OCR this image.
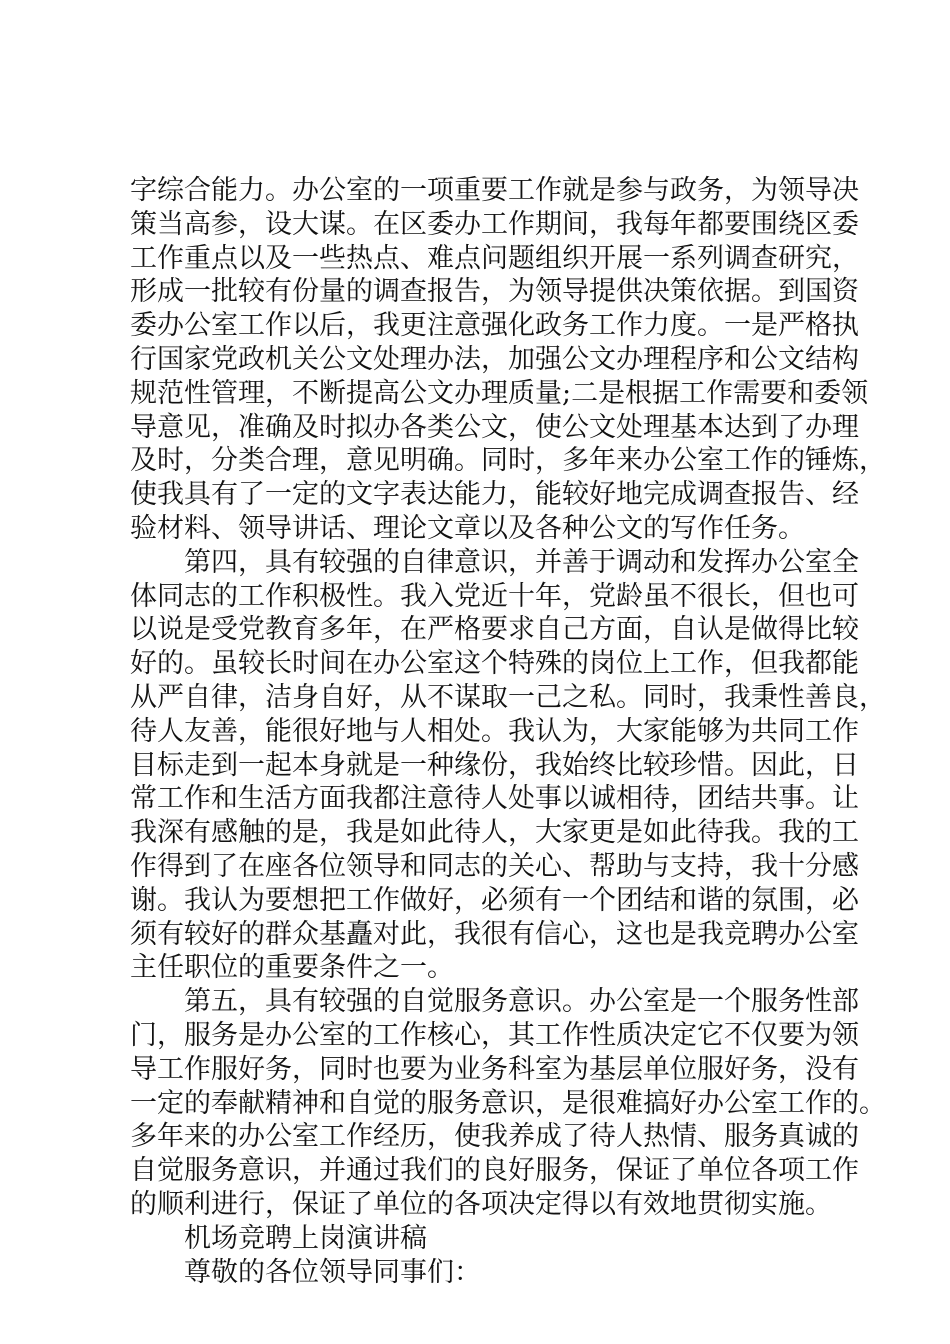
字综合能力。办公室的一项重要工作就是参与政务，为领导决
策当高参，设大谋。在区委办工作期间，我每年都要围绕区委
工作重点以及一些热点、难点问题组织开展一系列调查研究，
形成一批较有份量的调查报告，为领导提供决策依据。到国资
委办公室工作以后，我更注意强化政务工作力度。一是严格执
行国家党政机关公文处理办法，加强公文办理程序和公文结构
规范性管理，不断提高公文办理质量;二是根据工作需要和委领
导意见，准确及时拟办各类公文，使公文处理基本达到了办理
及时，分类合理，意见明确。同时，多年来办公室工作的锤炼，
使我具有了一定的文字表达能力，能较好地完成调查报告、经
验材料、领导讲话、理论文章以及各种公文的写作任务。
第四，具有较强的自律意识，并善于调动和发挥办公室全
体同志的工作积极性。我入党近十年，党龄虽不很长，但也可
以说是受党教育多年，在严格要求自己方面，自认是做得比较
好的。虽较长时间在办公室这个特殊的岗位上工作，但我都能
从严自律，洁身自好，从不谋取一己之私。同时，我秉性善良，
待人友善，能很好地与人相处。我认为，大家能够为共同工作
目标走到一起本身就是一种缘份，我始终比较珍惜。因此，日
常工作和生活方面我都注意待人处事以诚相待，团结共事。让
我深有感触的是，我是如此待人，大家更是如此待我。我的工
作得到了在座各位领导和同志的关心、帮助与支持，我十分感
谢。我认为要想把工作做好，必须有一个团结和谐的氛围，必
须有较好的群众基矗对此，我很有信心，这也是我竞聘办公室
主任职位的重要条件之一。
第五，具有较强的自觉服务意识。办公室是一个服务性部
门，服务是办公室的工作核心，其工作性质决定它不仅要为领
导工作服好务，同时也要为业务科室为基层单位服好务，没有
一定的奉献精神和自觉的服务意识，是很难搞好办公室工作的。
多年来的办公室工作经历，使我养成了待人热情、服务真诚的
自觉服务意识，并通过我们的良好服务，保证了单位各项工作
的顺利进行，保证了单位的各项决定得以有效地贯彻实施。
机场竞聘上岗演讲稿
尊敬的各位领导同事们：
